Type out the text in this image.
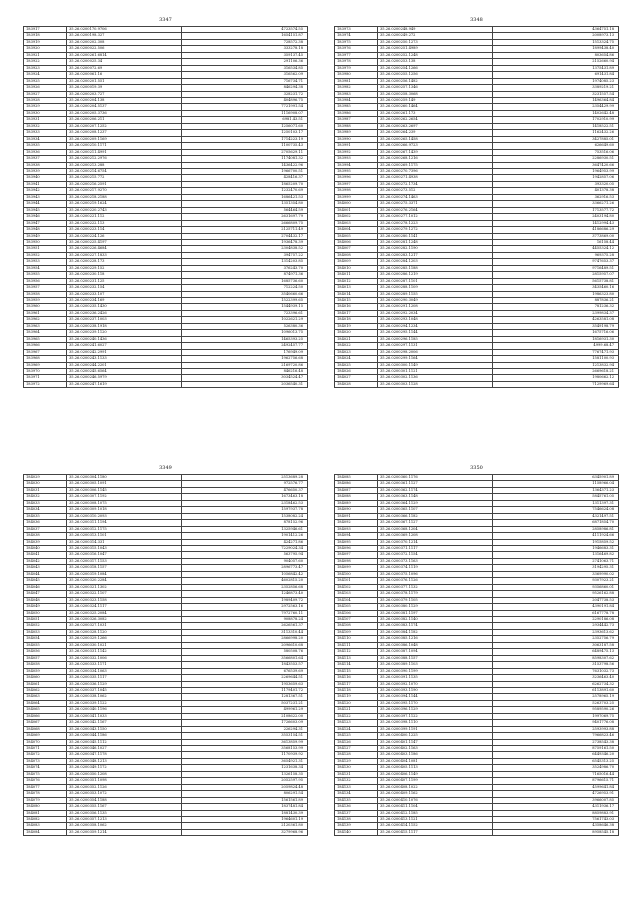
3347
183917	35.26.0200170.9706	4723574.55
183918	35.26.0200198.327	1654151.87
183919	35.26.0200202.308	728572.38
183920	35.26.0200022.506	333278.18
183921	35.26.0200261.6814	359137.45
183922	35.26.0200025.34	291106.36
183923	35.26.0200072.69	316534.85
183924	35.26.0200061.16	316562.09
183925	35.26.0200201.551	716734.71
183926	35.26.0200019.39	846294.38
183927	35.26.0200203.727	328231.72
183928	35.26.0200204.138	404896.75
183929	35.26.0200204.5137	7721991.54
183930	35.26.0200205.3736	1116908.07
183931	35.26.0200206.211	6981.43.51
183932	35.26.0200207.1252	1256071.60
183933	35.26.0200208.1237	1250103.17
183934	35.26.0200209.1169	1714223.19
183935	35.26.0200210.1171	1100735.43
183936	35.26.0200211.4991	2705629.11
183937	35.26.0200212.2976	1174081.32
183938	35.26.0200213.288	1436422.96
183939	35.26.0200214.6754	1966700.51
183940	35.26.0200215.772	428416.37
183941	35.26.0200216.2591	1865209.70
183942	35.26.0200217.9270	1232470.69
183943	35.26.0200218.2188	1686421.53
183944	35.26.0200219.1624	1351354.80
183945	35.26.0200220.2743	564464.59
183946	35.26.0200221.112	2631697.79
183947	35.26.0200222.113	2666809.75
183948	35.26.0200223.114	2125711.49
183949	35.26.0200224.126	2704432.17
183950	35.26.0200225.4197	1936478.39
183951	35.26.0200226.4684	2304838.52
183952	35.26.0200227.1833	394757.22
183953	35.26.0200228.173	1314203.85
183954	35.26.0200229.152	376243.70
183955	35.26.0200230.118	874971.36
183956	35.26.0200231.125	1685736.60
183957	35.26.0200232.154	712224.50
183958	35.26.0200233.107	3540660.66
183959	35.26.0200234.169	1522399.65
183960	35.26.0200235.1430	1544939.15
183961	35.26.0200236.2426	723396.61
183962	35.26.0200237.1003	1022621.29
183963	35.26.0200238.1918	526380.36
183964	35.26.0200239.1120	1096013.75
183965	35.26.0200240.1436	1465393.25
183966	35.26.0200241.6027	2492457.77
183967	35.26.0200242.2991	176949.09
183968	35.26.0200243.1133	1962756.68
183969	35.26.0200244.2201	2169720.86
183970	35.26.0200245.6564	846216.48
183971	35.26.0200246.5979	3034524.47
183972	35.26.0200247.1619	2036540.31
3348
183973	35.26.0200248.949	4364751.18
183974	35.26.0200249.272	2008973.13
183975	35.26.0200250.1273	1513324.75
183976	35.26.0200251.4989	1899438.40
183977	35.26.0200252.1248	803654.86
183978	35.26.0200253.138	2152660.94
183979	35.26.0200254.1266	1375431.89
183980	35.26.0200255.1256	691431.84
183981	35.26.0200256.1482	1974085.23
183982	35.26.0200257.1346	3389219.21
183983	35.26.0200258.3068	3231557.54
183984	35.26.0200259.149	1496364.84
183985	35.26.0200260.1464	2354429.99
183986	35.26.0200261.173	1402642.48
183987	35.26.0200262.2654	1702910.99
183988	35.26.0200263.2697	1418522.51
183989	35.26.0200264.239	1162432.26
183990	35.26.0200265.1458	3427885.01
183991	35.26.0200266.9723	626649.60
183992	35.26.0200267.1439	753516.06
183993	35.26.0200268.1216	2286930.51
183994	35.26.0200269.1175	3647420.66
183995	35.26.0200270.7396	1964953.99
183996	35.26.0200271.4938	1942857.06
183997	35.26.0200272.1734	393320.05
183998	35.26.0200273.512	401378.38
183999	35.26.0200274.1463	362916.53
184000	35.26.0200275.3371	3366271.26
184001	35.26.0200276.2164	1713577.72
184002	35.26.0200277.1012	2403194.80
184003	35.26.0200278.1223	1412994.43
184004	35.26.0200279.1272	4186686.29
184005	35.26.0200280.1141	3773869.00
184006	35.26.0200281.1248	16158.44
184007	35.26.0200282.1190	4455324.12
184008	35.26.0200283.1217	969375.28
184009	35.26.0200284.1203	9747653.37
184010	35.26.0200285.1188	9716489.51
184011	35.26.0200286.1219	2815957.07
184012	35.26.0200287.1101	5615738.81
184013	35.26.0200288.1109	3435460.16
184014	35.26.0200289.1155	1986323.80
184015	35.26.0200290.3049	887836.21
184016	35.26.0200291.1208	781236.32
184017	35.26.0200292.2034	2399834.37
184018	35.26.0200293.1048	4263581.08
184019	35.26.0200294.1234	3549198.79
184020	35.26.0200295.1144	1675716.06
184021	35.26.0200296.1185	1816931.30
184022	35.26.0200297.1131	4999.68.47
184023	35.26.0200298.2006	7767471.93
184024	35.26.0200299.1164	1581100.93
184025	35.26.0200300.1149	1213832.94
184026	35.26.0200301.1121	2669618.21
184027	35.26.0200302.1136	1980662.12
184028	35.26.0200303.1128	7129969.64
3349
184029	35.26.0200304.1180	2513689.28
184030	35.26.0200305.1091	972576.77
184031	35.26.0200306.1145	476650.37
184032	35.26.0200307.1192	1673463.18
184033	35.26.0200308.1075	2318462.53
184034	35.26.0200309.1018	1597937.78
184035	35.26.0200310.2093	1538082.24
184036	35.26.0200311.1194	878152.96
184037	35.26.0200312.1175	1325946.61
184038	35.26.0200313.1101	1901412.26
184039	35.26.0200314.331	424271.86
184040	35.26.0200315.1043	7229024.34
184041	35.26.0200316.1047	563795.94
184042	35.26.0200317.1153	904057.60
184043	35.26.0200318.1157	2896773.47
184044	35.26.0200319.1084	1056842.42
184045	35.26.0200320.2284	4602815.20
184046	35.26.0200321.1302	2352856.68
184047	35.26.0200322.1107	1246873.40
184048	35.26.0200323.1158	1989409.72
184049	35.26.0200324.1117	2972563.16
184050	35.26.0200325.2084	7972760.11
184051	35.26.0200326.3082	908878.24
184052	35.26.0200327.1031	2626561.37
184053	35.26.0200328.1120	3113310.44
184054	35.26.0200329.1266	2866998.20
184055	35.26.0200330.1021	2096610.68
184056	35.26.0200331.1142	580508.76
184057	35.26.0200332.1006	3566801.64
184058	35.26.0200333.1171	1843553.57
184059	35.26.0200334.1063	676539.69
184060	35.26.0200335.1117	2269644.51
184061	35.26.0200336.1129	1953659.63
184062	35.26.0200337.1045	1179401.72
184063	35.26.0200338.1062	1281367.51
184064	35.26.0200339.1122	5037231.21
184065	35.26.0200340.1196	499961.29
184066	35.26.0200341.1033	2108622.00
184067	35.26.0200342.1167	1726603.09
184068	35.26.0200343.1150	226294.31
184069	35.26.0200344.1186	3553154.51
184070	35.26.0200345.1112	3613859.99
184071	35.26.0200346.1027	3568153.99
184072	35.26.0200347.1178	1170939.92
184073	35.26.0200348.1213	3654921.31
184074	35.26.0200349.1172	1231638.34
184075	35.26.0200350.1208	1326158.35
184076	35.26.0200351.1098	2052597.95
184077	35.26.0200352.1126	2059824.48
184078	35.26.0200353.1072	806291.54
184079	35.26.0200354.1188	1561561.89
184080	35.26.0200355.1167	1837481.84
184081	35.26.0200356.1135	1881430.39
184082	35.26.0200357.1213	1964601.19
184083	35.26.0200358.1062	2120361.80
184084	35.26.0200359.1214	3279968.96
3350
184085	35.26.0200360.1176	6345901.89
184086	35.26.0200361.1127	1158966.04
184087	35.26.0200362.1174	1364371.23
184088	35.26.0200363.1148	5845761.05
184089	35.26.0200364.1129	1311397.31
184090	35.26.0200365.1107	7546624.08
184091	35.26.0200366.1182	4321497.51
184092	35.26.0200367.1127	6871854.70
184093	35.26.0200368.1204	2858986.81
184094	35.26.0200369.1208	4111924.66
184095	35.26.0200370.1214	1915859.52
184096	35.26.0200371.1117	1946683.31
184097	35.26.0200372.1154	1316469.82
184098	35.26.0200373.1163	2741063.71
184099	35.26.0200374.1119	3194295.31
184100	35.26.0200375.1096	3369990.02
184101	35.26.0200376.1126	9307923.21
184102	35.26.0200377.1132	9356860.01
184103	35.26.0200378.1179	9526162.88
184104	35.26.0200379.1105	2047738.53
184105	35.26.0200380.1129	4390191.84
184106	35.26.0200381.1197	6167778.78
184107	35.26.0200382.1140	2290186.08
184108	35.26.0200383.1174	2934442.73
184109	35.26.0200384.1182	2393613.62
184110	35.26.0200385.1216	2352756.79
184111	35.26.0200386.1048	3063187.58
184112	35.26.0200387.1094	6489475.13
184113	35.26.0200388.1157	8598307.62
184114	35.26.0200389.1103	3153798.56
184115	35.26.0200390.1199	7631032.73
184116	35.26.0200391.1135	3236463.40
184117	35.26.0200392.1070	6262734.32
184118	35.26.0200393.1190	6113891.60
184119	35.26.0200394.1144	2578965.19
184120	35.26.0200395.1170	5263703.25
184121	35.26.0200396.1129	9589590.26
184122	35.26.0200397.1122	1997069.75
184123	35.26.0200398.1110	9401776.08
184124	35.26.0200399.1191	2593993.88
184125	35.26.0200400.1225	7966823.46
184126	35.26.0200401.1147	2738543.38
184127	35.26.0200402.1163	8759161.50
184128	35.26.0200403.1186	6449346.20
184129	35.26.0200404.1081	6545313.25
184130	35.26.0200405.1113	3524986.70
184131	35.26.0200406.1149	7165016.44
184132	35.26.0200407.1199	8796615.71
184133	35.26.0200408.1022	4599641.84
184134	35.26.0200409.1162	4726953.91
184135	35.26.0200410.1076	3966007.85
184136	35.26.0200411.1104	4311936.17
184137	35.26.0200412.1185	8859883.91
184138	35.26.0200413.1121	7561743.03
184139	35.26.0200414.1152	4358646.38
184140	35.26.0200415.1117	8958545.18
